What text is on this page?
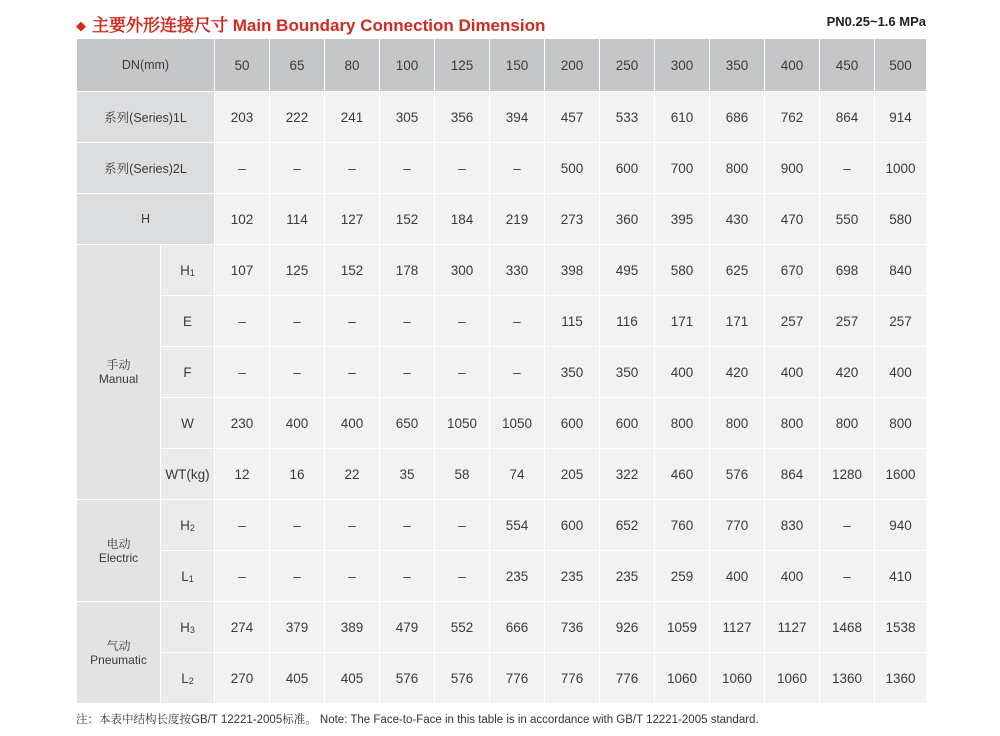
◆ 主要外形连接尺寸 Main Boundary Connection Dimension	PN0.25~1.6 MPa
DN(mm)		50	65	80	100	125	150	200	250	300	350	400	450	500
系列(Series)1L		203	222	241	305	356	394	457	533	610	686	762	864	914
系列(Series)2L		–	–	–	–	–	–	500	600	700	800	900	–	1000
H		102	114	127	152	184	219	273	360	395	430	470	550	580

手动
Manual	H1	107	125	152	178	300	330	398	495	580	625	670	698	840
	E	–	–	–	–	–	–	115	116	171	171	257	257	257
	F	–	–	–	–	–	–	350	350	400	420	400	420	400
	W	230	400	400	650	1050	1050	600	600	800	800	800	800	800
	WT(kg)	12	16	22	35	58	74	205	322	460	576	864	1280	1600

电动
Electric	H2	–	–	–	–	–	554	600	652	760	770	830	–	940
	L1	–	–	–	–	–	235	235	235	259	400	400	–	410

气动
Pneumatic	H3	274	379	389	479	552	666	736	926	1059	1127	1127	1468	1538
	L2	270	405	405	576	576	776	776	776	1060	1060	1060	1360	1360
注：本表中结构长度按GB/T 12221-2005标准。 Note: The Face-to-Face in this table is in accordance with GB/T 12221-2005 standard.
